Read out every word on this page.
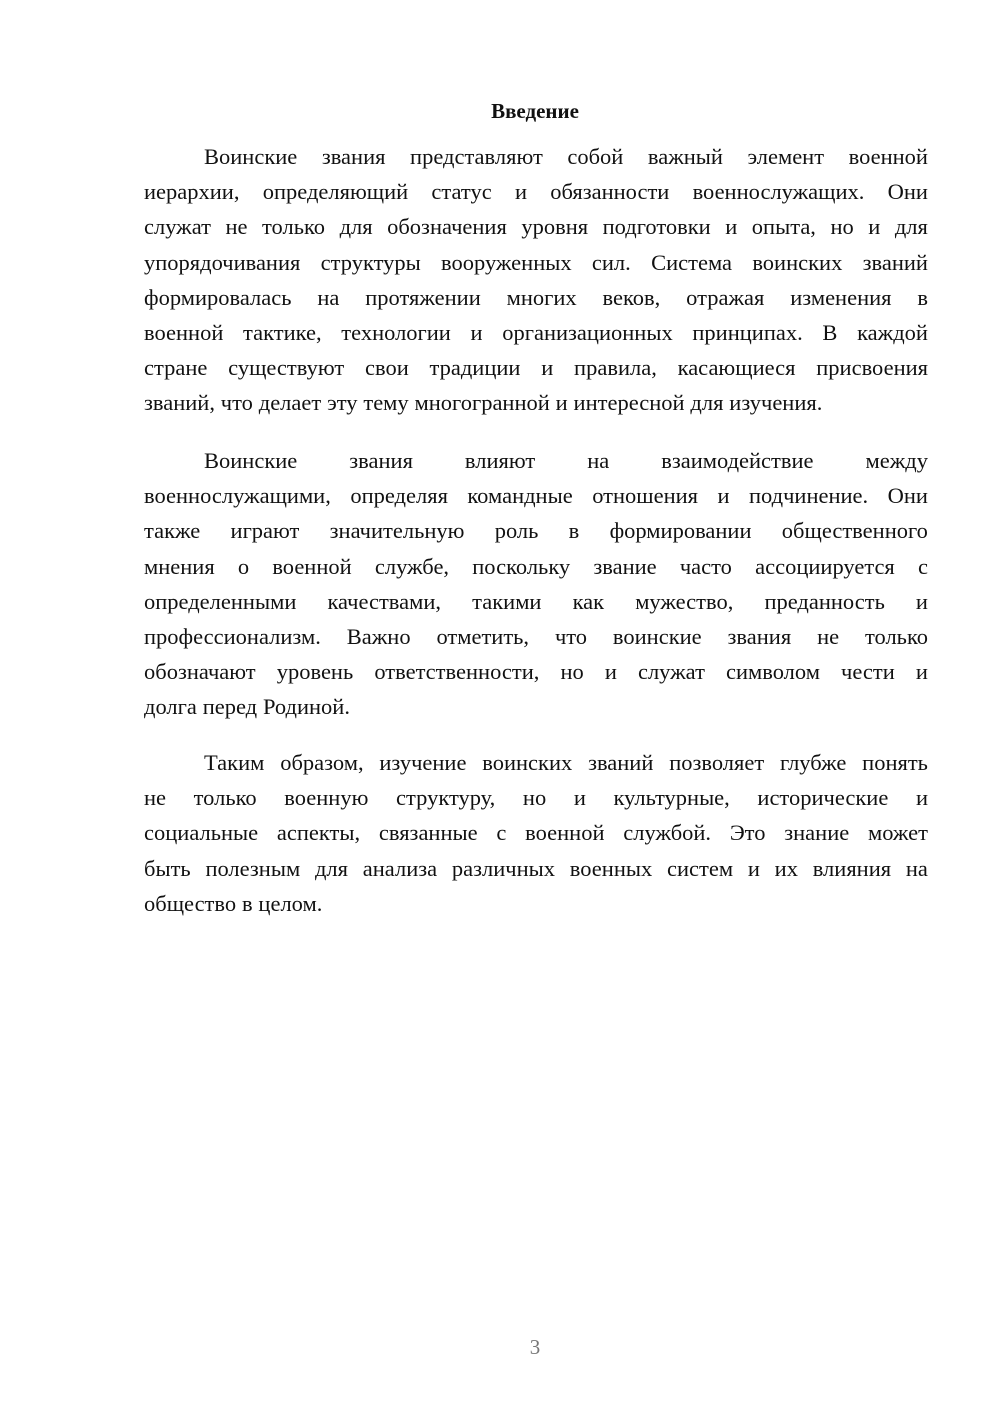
Введение
Воинские звания представляют собой важный элемент военной
иерархии, определяющий статус и обязанности военнослужащих. Они
служат не только для обозначения уровня подготовки и опыта, но и для
упорядочивания структуры вооруженных сил. Система воинских званий
формировалась на протяжении многих веков, отражая изменения в
военной тактике, технологии и организационных принципах. В каждой
стране существуют свои традиции и правила, касающиеся присвоения
званий, что делает эту тему многогранной и интересной для изучения.
Воинские звания влияют на взаимодействие между
военнослужащими, определяя командные отношения и подчинение. Они
также играют значительную роль в формировании общественного
мнения о военной службе, поскольку звание часто ассоциируется с
определенными качествами, такими как мужество, преданность и
профессионализм. Важно отметить, что воинские звания не только
обозначают уровень ответственности, но и служат символом чести и
долга перед Родиной.
Таким образом, изучение воинских званий позволяет глубже понять
не только военную структуру, но и культурные, исторические и
социальные аспекты, связанные с военной службой. Это знание может
быть полезным для анализа различных военных систем и их влияния на
общество в целом.
3
